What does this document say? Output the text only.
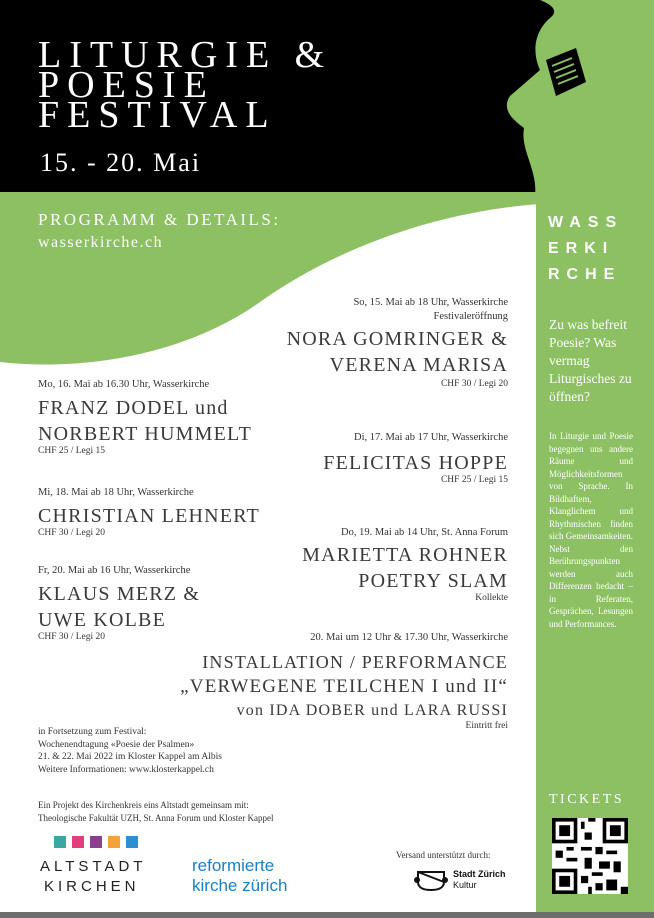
LITURGIE &
POESIE
FESTIVAL
15. - 20. Mai
PROGRAMM & DETAILS:
wasserkirche.ch
WASS
ERKI
RCHE
Zu was befreit Poesie? Was vermag Liturgisches zu öffnen?
In Liturgie und Poesie begegnen uns andere Räume und Möglichkeitsformen von Sprache. In Bildhaftem, Klanglichem und Rhythmischen finden sich Gemeinsamkeiten. Nebst den Berührungspunkten werden auch Differenzen bedacht – in Referaten, Gesprächen, Lesungen und Performances.
TICKETS
So, 15. Mai ab 18 Uhr, Wasserkirche
Festivaleröffnung
NORA GOMRINGER &
VERENA MARISA
CHF 30 / Legi 20
Mo, 16. Mai ab 16.30 Uhr, Wasserkirche
FRANZ DODEL und
NORBERT HUMMELT
CHF 25 / Legi 15
Di, 17. Mai ab 17 Uhr, Wasserkirche
FELICITAS HOPPE
CHF 25 / Legi 15
Mi, 18. Mai ab 18 Uhr, Wasserkirche
CHRISTIAN LEHNERT
CHF 30 / Legi 20	Do, 19. Mai ab 14 Uhr, St. Anna Forum
MARIETTA ROHNER
POETRY SLAM
Kollekte
Fr, 20. Mai ab 16 Uhr, Wasserkirche
KLAUS MERZ &
UWE KOLBE
CHF 30 / Legi 20	20. Mai um 12 Uhr & 17.30 Uhr, Wasserkirche
INSTALLATION / PERFORMANCE
„VERWEGENE TEILCHEN I und II“
von IDA DOBER und LARA RUSSI
Eintritt frei
in Fortsetzung zum Festival:
Wochenendtagung «Poesie der Psalmen»
21. & 22. Mai 2022 im Kloster Kappel am Albis
Weitere Informationen: www.klosterkappel.ch
Ein Projekt des Kirchenkreis eins Altstadt gemeinsam mit:
Theologische Fakultät UZH, St. Anna Forum und Kloster Kappel
ALTSTADT
KIRCHEN
reformierte
kirche zürich
Versand unterstützt durch:
Stadt Zürich
Kultur
